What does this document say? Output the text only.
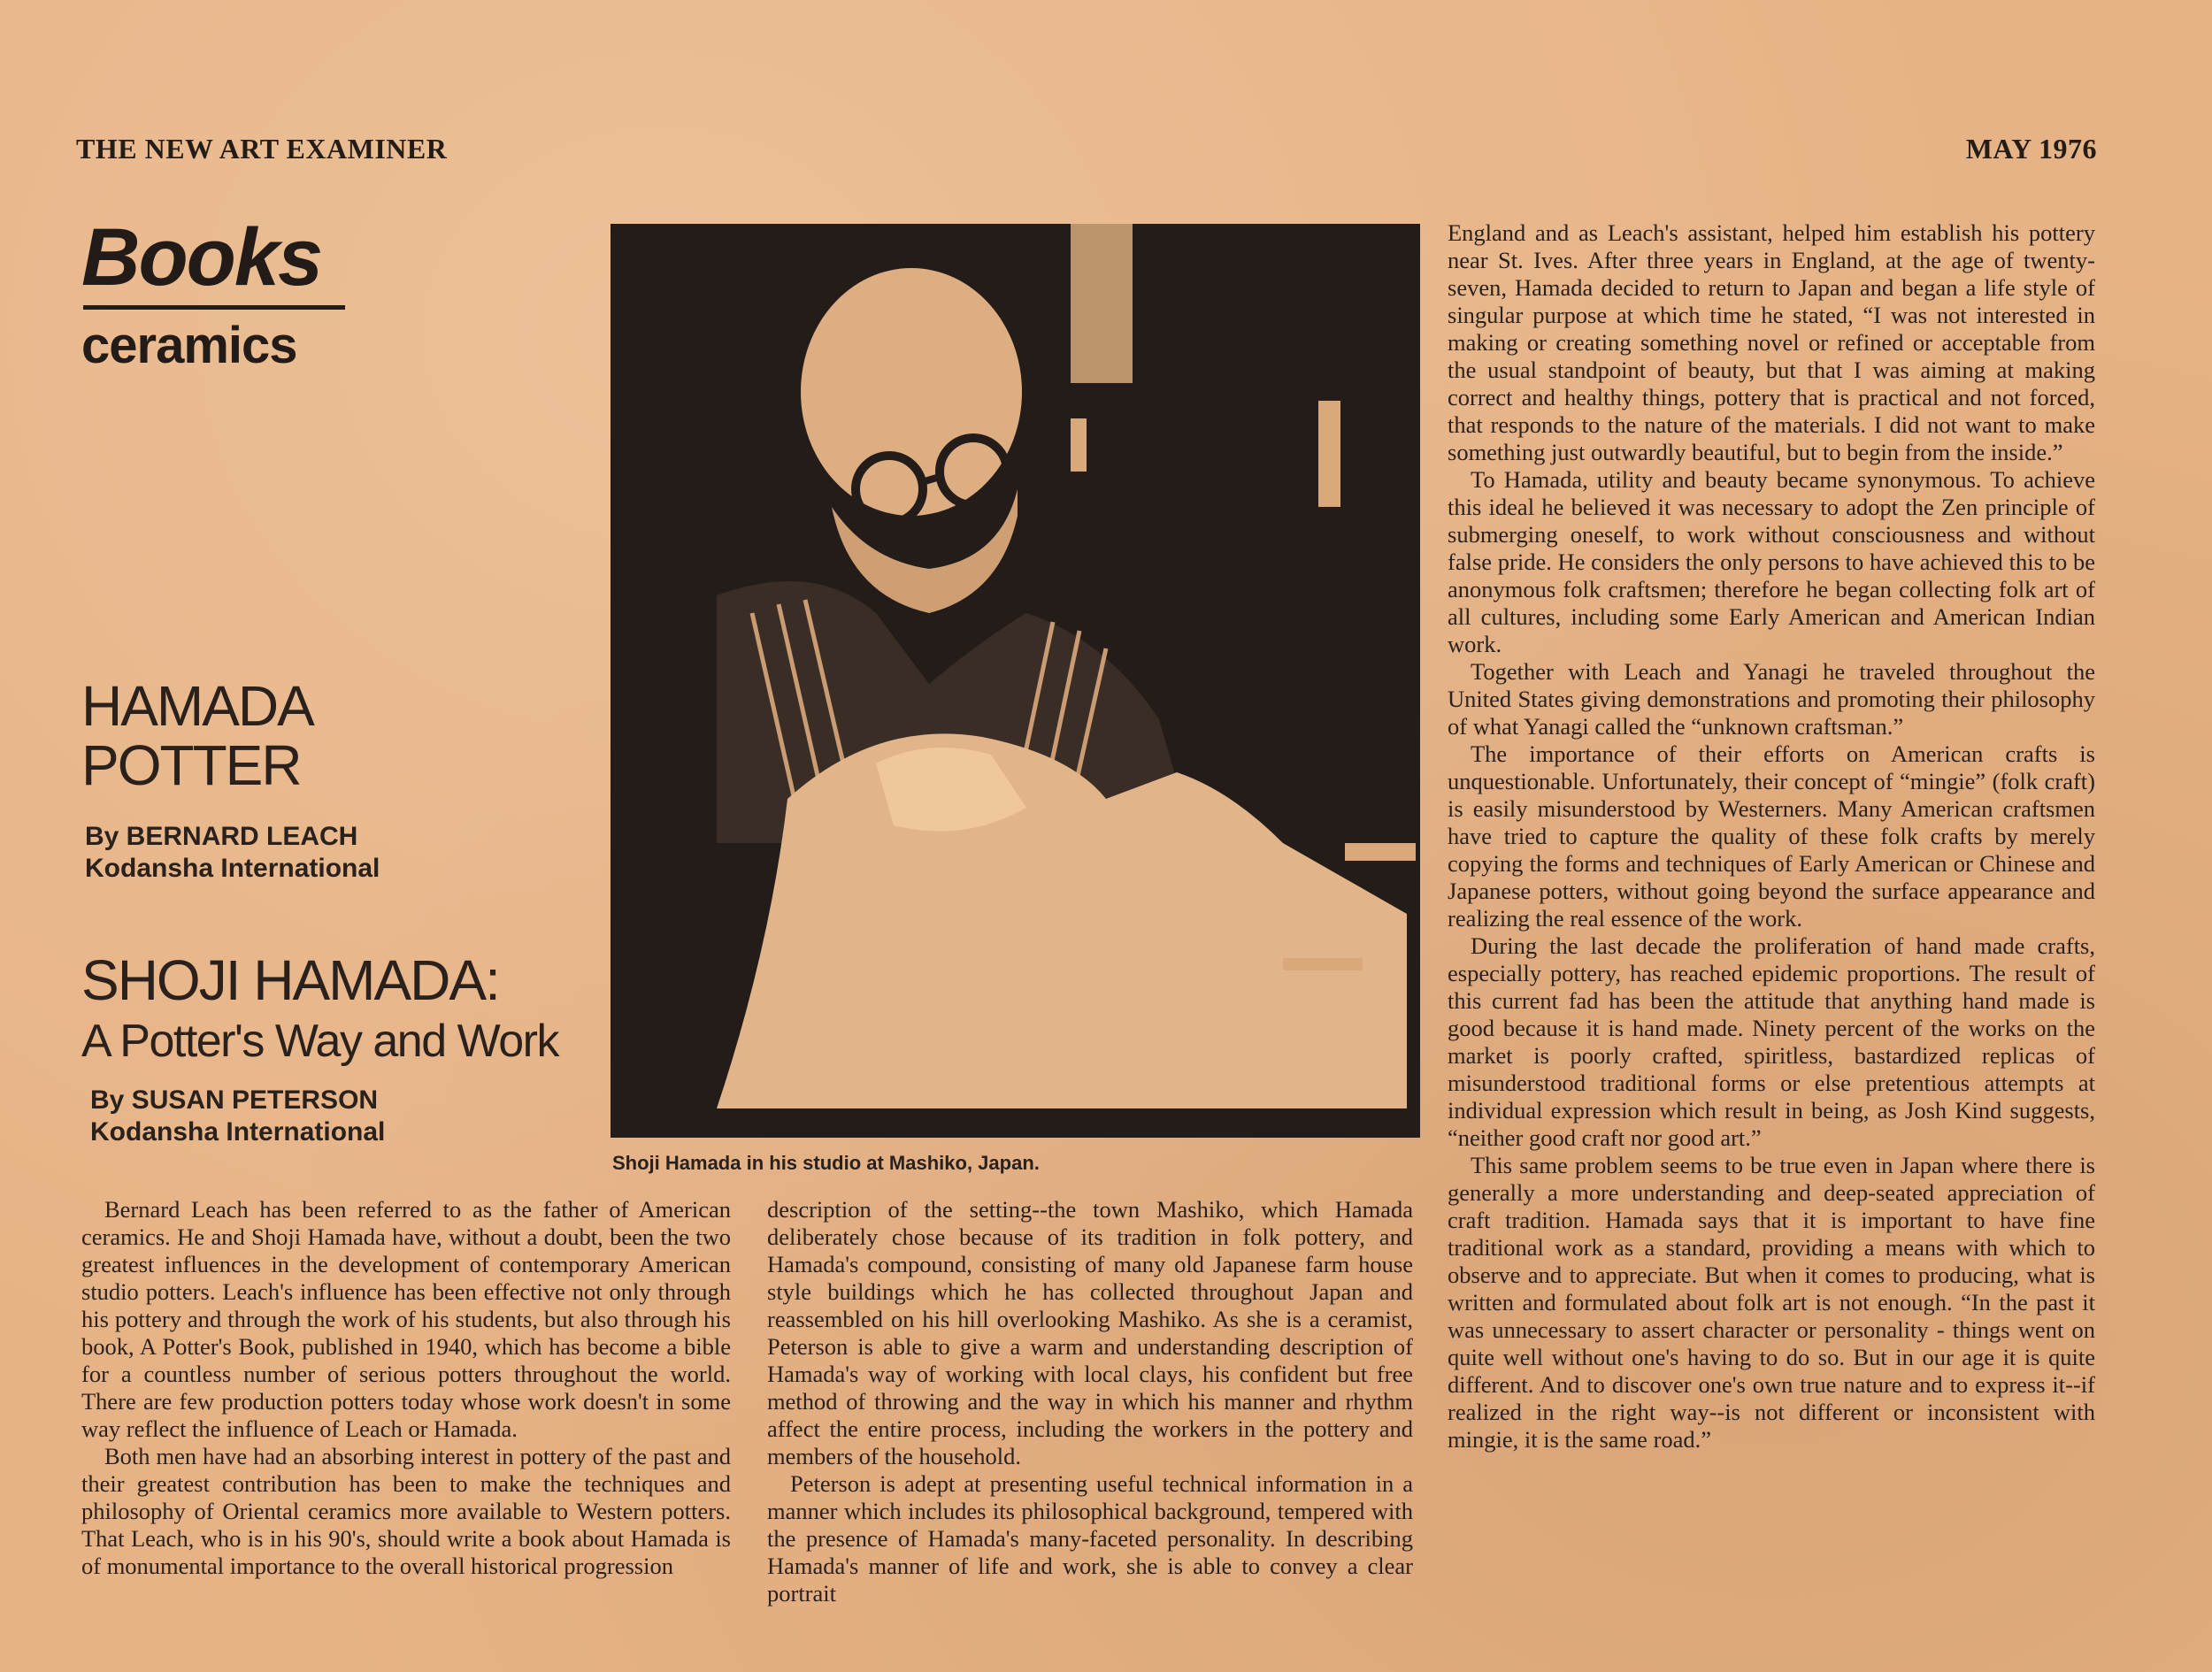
THE NEW ART EXAMINER	MAY 1976
Books
ceramics
HAMADA
POTTER
By BERNARD LEACH
Kodansha International
SHOJI HAMADA:
A Potter's Way and Work
By SUSAN PETERSON
Kodansha International
Shoji Hamada in his studio at Mashiko, Japan.

Bernard Leach has been referred to as the father of American ceramics. He and Shoji Hamada have, without a doubt, been the two greatest influences in the development of contemporary American studio potters. Leach's influence has been effective not only through his pottery and through the work of his students, but also through his book, A Potter's Book, published in 1940, which has become a bible for a countless number of serious potters throughout the world. There are few production potters today whose work doesn't in some way reflect the influence of Leach or Hamada.

Both men have had an absorbing interest in pottery of the past and their greatest contribution has been to make the techniques and philosophy of Oriental ceramics more available to Western potters. That Leach, who is in his 90's, should write a book about Hamada is of monumental importance to the overall historical progression

description of the setting--the town Mashiko, which Hamada deliberately chose because of its tradition in folk pottery, and Hamada's compound, consisting of many old Japanese farm house style buildings which he has collected throughout Japan and reassembled on his hill overlooking Mashiko. As she is a ceramist, Peterson is able to give a warm and understanding description of Hamada's way of working with local clays, his confident but free method of throwing and the way in which his manner and rhythm affect the entire process, including the workers in the pottery and members of the household.

Peterson is adept at presenting useful technical information in a manner which includes its philosophical background, tempered with the presence of Hamada's many-faceted personality. In describing Hamada's manner of life and work, she is able to convey a clear portrait

England and as Leach's assistant, helped him establish his pottery near St. Ives. After three years in England, at the age of twenty-seven, Hamada decided to return to Japan and began a life style of singular purpose at which time he stated, “I was not interested in making or creating something novel or refined or acceptable from the usual standpoint of beauty, but that I was aiming at making correct and healthy things, pottery that is practical and not forced, that responds to the nature of the materials. I did not want to make something just outwardly beautiful, but to begin from the inside.”

To Hamada, utility and beauty became synonymous. To achieve this ideal he believed it was necessary to adopt the Zen principle of submerging oneself, to work without consciousness and without false pride. He considers the only persons to have achieved this to be anonymous folk craftsmen; therefore he began collecting folk art of all cultures, including some Early American and American Indian work.

Together with Leach and Yanagi he traveled throughout the United States giving demonstrations and promoting their philosophy of what Yanagi called the “unknown craftsman.”

The importance of their efforts on American crafts is unquestionable. Unfortunately, their concept of “mingie” (folk craft) is easily misunderstood by Westerners. Many American craftsmen have tried to capture the quality of these folk crafts by merely copying the forms and techniques of Early American or Chinese and Japanese potters, without going beyond the surface appearance and realizing the real essence of the work.

During the last decade the proliferation of hand made crafts, especially pottery, has reached epidemic proportions. The result of this current fad has been the attitude that anything hand made is good because it is hand made. Ninety percent of the works on the market is poorly crafted, spiritless, bastardized replicas of misunderstood traditional forms or else pretentious attempts at individual expression which result in being, as Josh Kind suggests, “neither good craft nor good art.”

This same problem seems to be true even in Japan where there is generally a more understanding and deep-seated appreciation of craft tradition. Hamada says that it is important to have fine traditional work as a standard, providing a means with which to observe and to appreciate. But when it comes to producing, what is written and formulated about folk art is not enough. “In the past it was unnecessary to assert character or personality - things went on quite well without one's having to do so. But in our age it is quite different. And to discover one's own true nature and to express it--if realized in the right way--is not different or inconsistent with mingie, it is the same road.”
